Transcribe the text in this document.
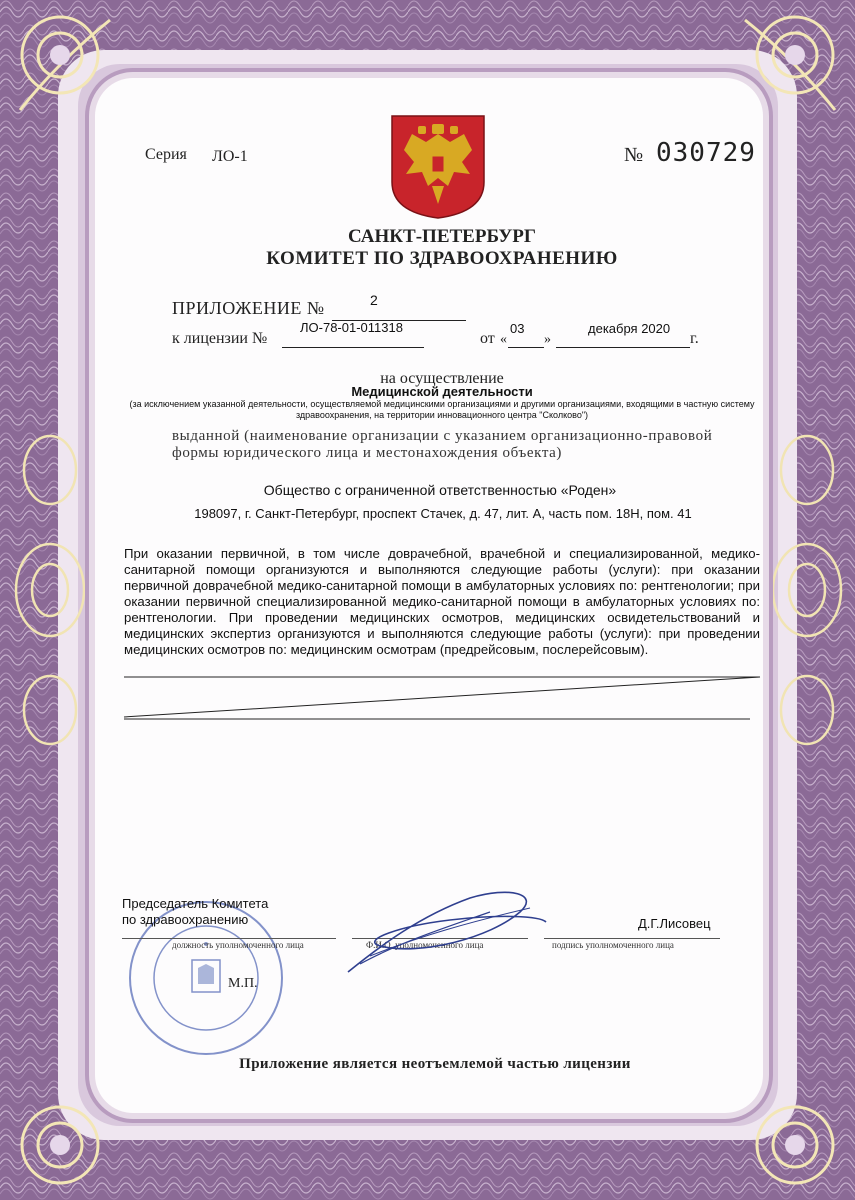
Серия ЛО-1	№ 030729
САНКТ-ПЕТЕРБУРГ
КОМИТЕТ ПО ЗДРАВООХРАНЕНИЮ
ПРИЛОЖЕНИЕ №	2
к лицензии №
ЛО-78-01-011318
от «
03
»
декабря 2020
г.
на осуществление
Медицинской деятельности
(за исключением указанной деятельности, осуществляемой медицинскими организациями и другими организациями, входящими в частную систему здравоохранения, на территории инновационного центра "Сколково")
выданной (наименование организации с указанием организационно-правовой формы юридического лица и местонахождения объекта)
Общество с ограниченной ответственностью «Роден»
198097, г. Санкт-Петербург, проспект Стачек, д. 47, лит. А, часть пом. 18Н, пом. 41
При оказании первичной, в том числе доврачебной, врачебной и специализированной, медико-санитарной помощи организуются и выполняются следующие работы (услуги): при оказании первичной доврачебной медико-санитарной помощи в амбулаторных условиях по: рентгенологии; при оказании первичной специализированной медико-санитарной помощи в амбулаторных условиях по: рентгенологии. При проведении медицинских осмотров, медицинских освидетельствований и медицинских экспертиз организуются и выполняются следующие работы (услуги): при проведении медицинских осмотров по: медицинским осмотрам (предрейсовым, послерейсовым).
Председатель Комитета
по здравоохранению
должность уполномоченного лица	Ф.И.О. уполномоченного лица
Д.Г.Лисовец
подпись уполномоченного лица
М.П.
Приложение является неотъемлемой частью лицензии
